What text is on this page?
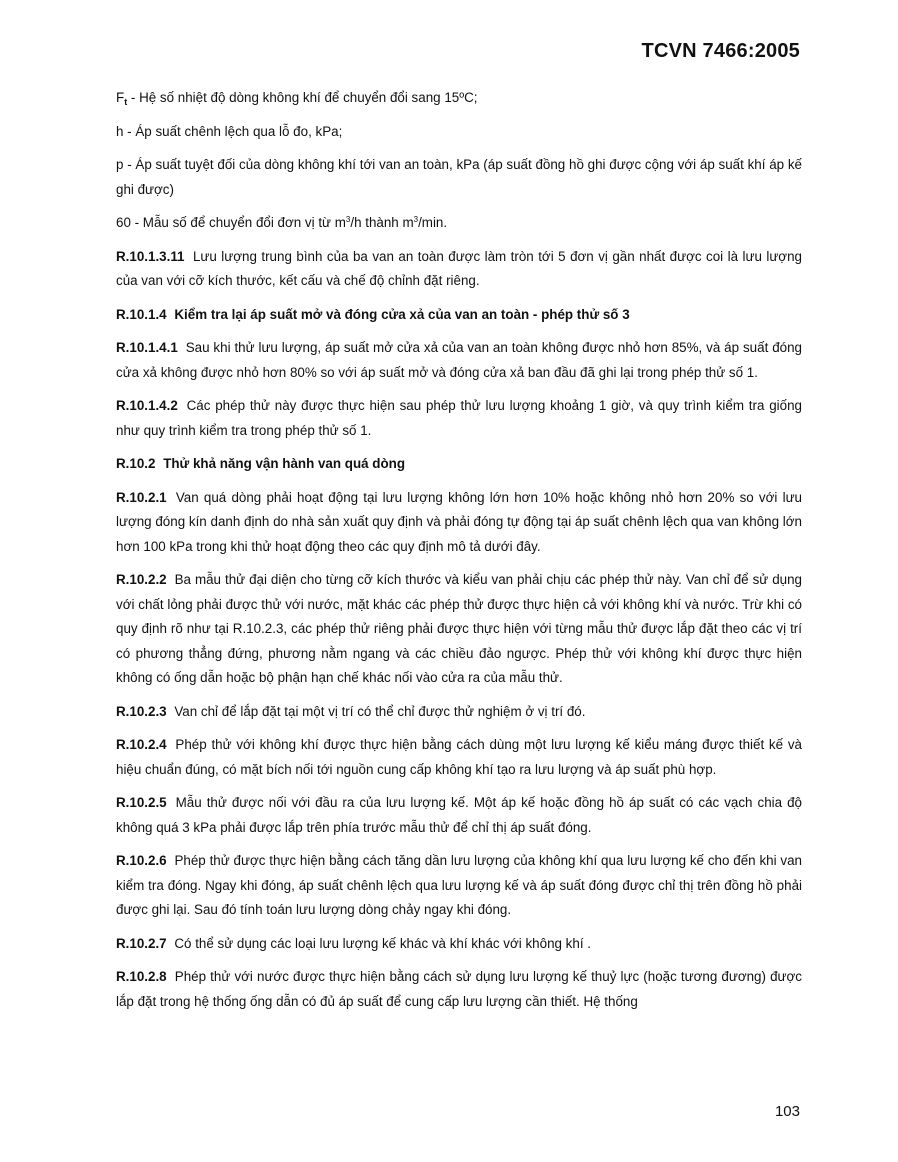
TCVN 7466:2005

$F_t$ - Hệ số nhiệt độ dòng không khí để chuyển đổi sang 15ºC;

h - Áp suất chênh lệch qua lỗ đo, kPa;

p - Áp suất tuyệt đối của dòng không khí tới van an toàn, kPa (áp suất đồng hồ ghi được cộng với áp suất khí áp kế ghi được)

60 - Mẫu số để chuyển đổi đơn vị từ $m^3/h$ thành $m^3/\min$.

R.10.1.3.11 Lưu lượng trung bình của ba van an toàn được làm tròn tới 5 đơn vị gần nhất được coi là lưu lượng của van với cỡ kích thước, kết cấu và chế độ chỉnh đặt riêng.

R.10.1.4 Kiểm tra lại áp suất mở và đóng cửa xả của van an toàn - phép thử số 3

R.10.1.4.1 Sau khi thử lưu lượng, áp suất mở cửa xả của van an toàn không được nhỏ hơn 85%, và áp suất đóng cửa xả không được nhỏ hơn 80% so với áp suất mở và đóng cửa xả ban đầu đã ghi lại trong phép thử số 1.

R.10.1.4.2 Các phép thử này được thực hiện sau phép thử lưu lượng khoảng 1 giờ, và quy trình kiểm tra giống như quy trình kiểm tra trong phép thử số 1.

R.10.2 Thử khả năng vận hành van quá dòng

R.10.2.1 Van quá dòng phải hoạt động tại lưu lượng không lớn hơn 10% hoặc không nhỏ hơn 20% so với lưu lượng đóng kín danh định do nhà sản xuất quy định và phải đóng tự động tại áp suất chênh lệch qua van không lớn hơn 100 kPa trong khi thử hoạt động theo các quy định mô tả dưới đây.

R.10.2.2 Ba mẫu thử đại diện cho từng cỡ kích thước và kiểu van phải chịu các phép thử này. Van chỉ để sử dụng với chất lỏng phải được thử với nước, mặt khác các phép thử được thực hiện cả với không khí và nước. Trừ khi có quy định rõ như tại R.10.2.3, các phép thử riêng phải được thực hiện với từng mẫu thử được lắp đặt theo các vị trí có phương thẳng đứng, phương nằm ngang và các chiều đảo ngược. Phép thử với không khí được thực hiện không có ống dẫn hoặc bộ phận hạn chế khác nối vào cửa ra của mẫu thử.

R.10.2.3 Van chỉ để lắp đặt tại một vị trí có thể chỉ được thử nghiệm ở vị trí đó.

R.10.2.4 Phép thử với không khí được thực hiện bằng cách dùng một lưu lượng kế kiểu máng được thiết kế và hiệu chuẩn đúng, có mặt bích nối tới nguồn cung cấp không khí tạo ra lưu lượng và áp suất phù hợp.

R.10.2.5 Mẫu thử được nối với đầu ra của lưu lượng kế. Một áp kế hoặc đồng hồ áp suất có các vạch chia độ không quá 3 kPa phải được lắp trên phía trước mẫu thử để chỉ thị áp suất đóng.

R.10.2.6 Phép thử được thực hiện bằng cách tăng dần lưu lượng của không khí qua lưu lượng kế cho đến khi van kiểm tra đóng. Ngay khi đóng, áp suất chênh lệch qua lưu lượng kế và áp suất đóng được chỉ thị trên đồng hồ phải được ghi lại. Sau đó tính toán lưu lượng dòng chảy ngay khi đóng.

R.10.2.7 Có thể sử dụng các loại lưu lượng kế khác và khí khác với không khí .

R.10.2.8 Phép thử với nước được thực hiện bằng cách sử dụng lưu lượng kế thuỷ lực (hoặc tương đương) được lắp đặt trong hệ thống ống dẫn có đủ áp suất để cung cấp lưu lượng cần thiết. Hệ thống

103
